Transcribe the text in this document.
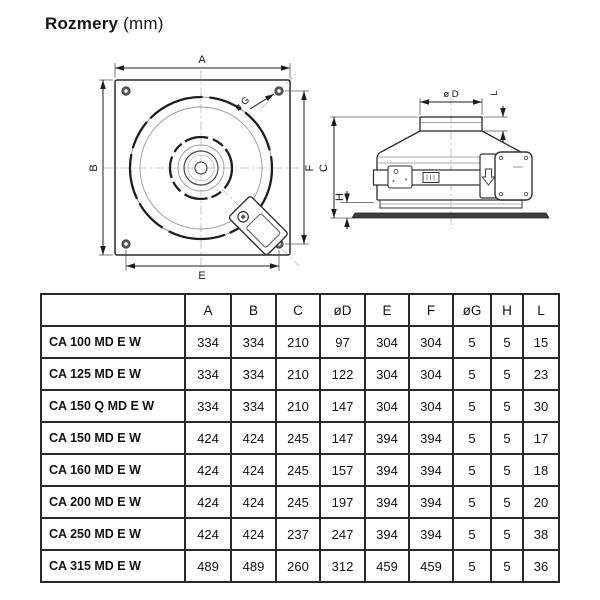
Rozmery (mm)
A
B
E
F
ø G
ø D	L
C
H
	A	B	C	øD	E	F	øG	H	L
CA 100 MD E W	334	334	210	97	304	304	5	5	15
CA 125 MD E W	334	334	210	122	304	304	5	5	23
CA 150 Q MD E W	334	334	210	147	304	304	5	5	30
CA 150 MD E W	424	424	245	147	394	394	5	5	17
CA 160 MD E W	424	424	245	157	394	394	5	5	18
CA 200 MD E W	424	424	245	197	394	394	5	5	20
CA 250 MD E W	424	424	237	247	394	394	5	5	38
CA 315 MD E W	489	489	260	312	459	459	5	5	36
